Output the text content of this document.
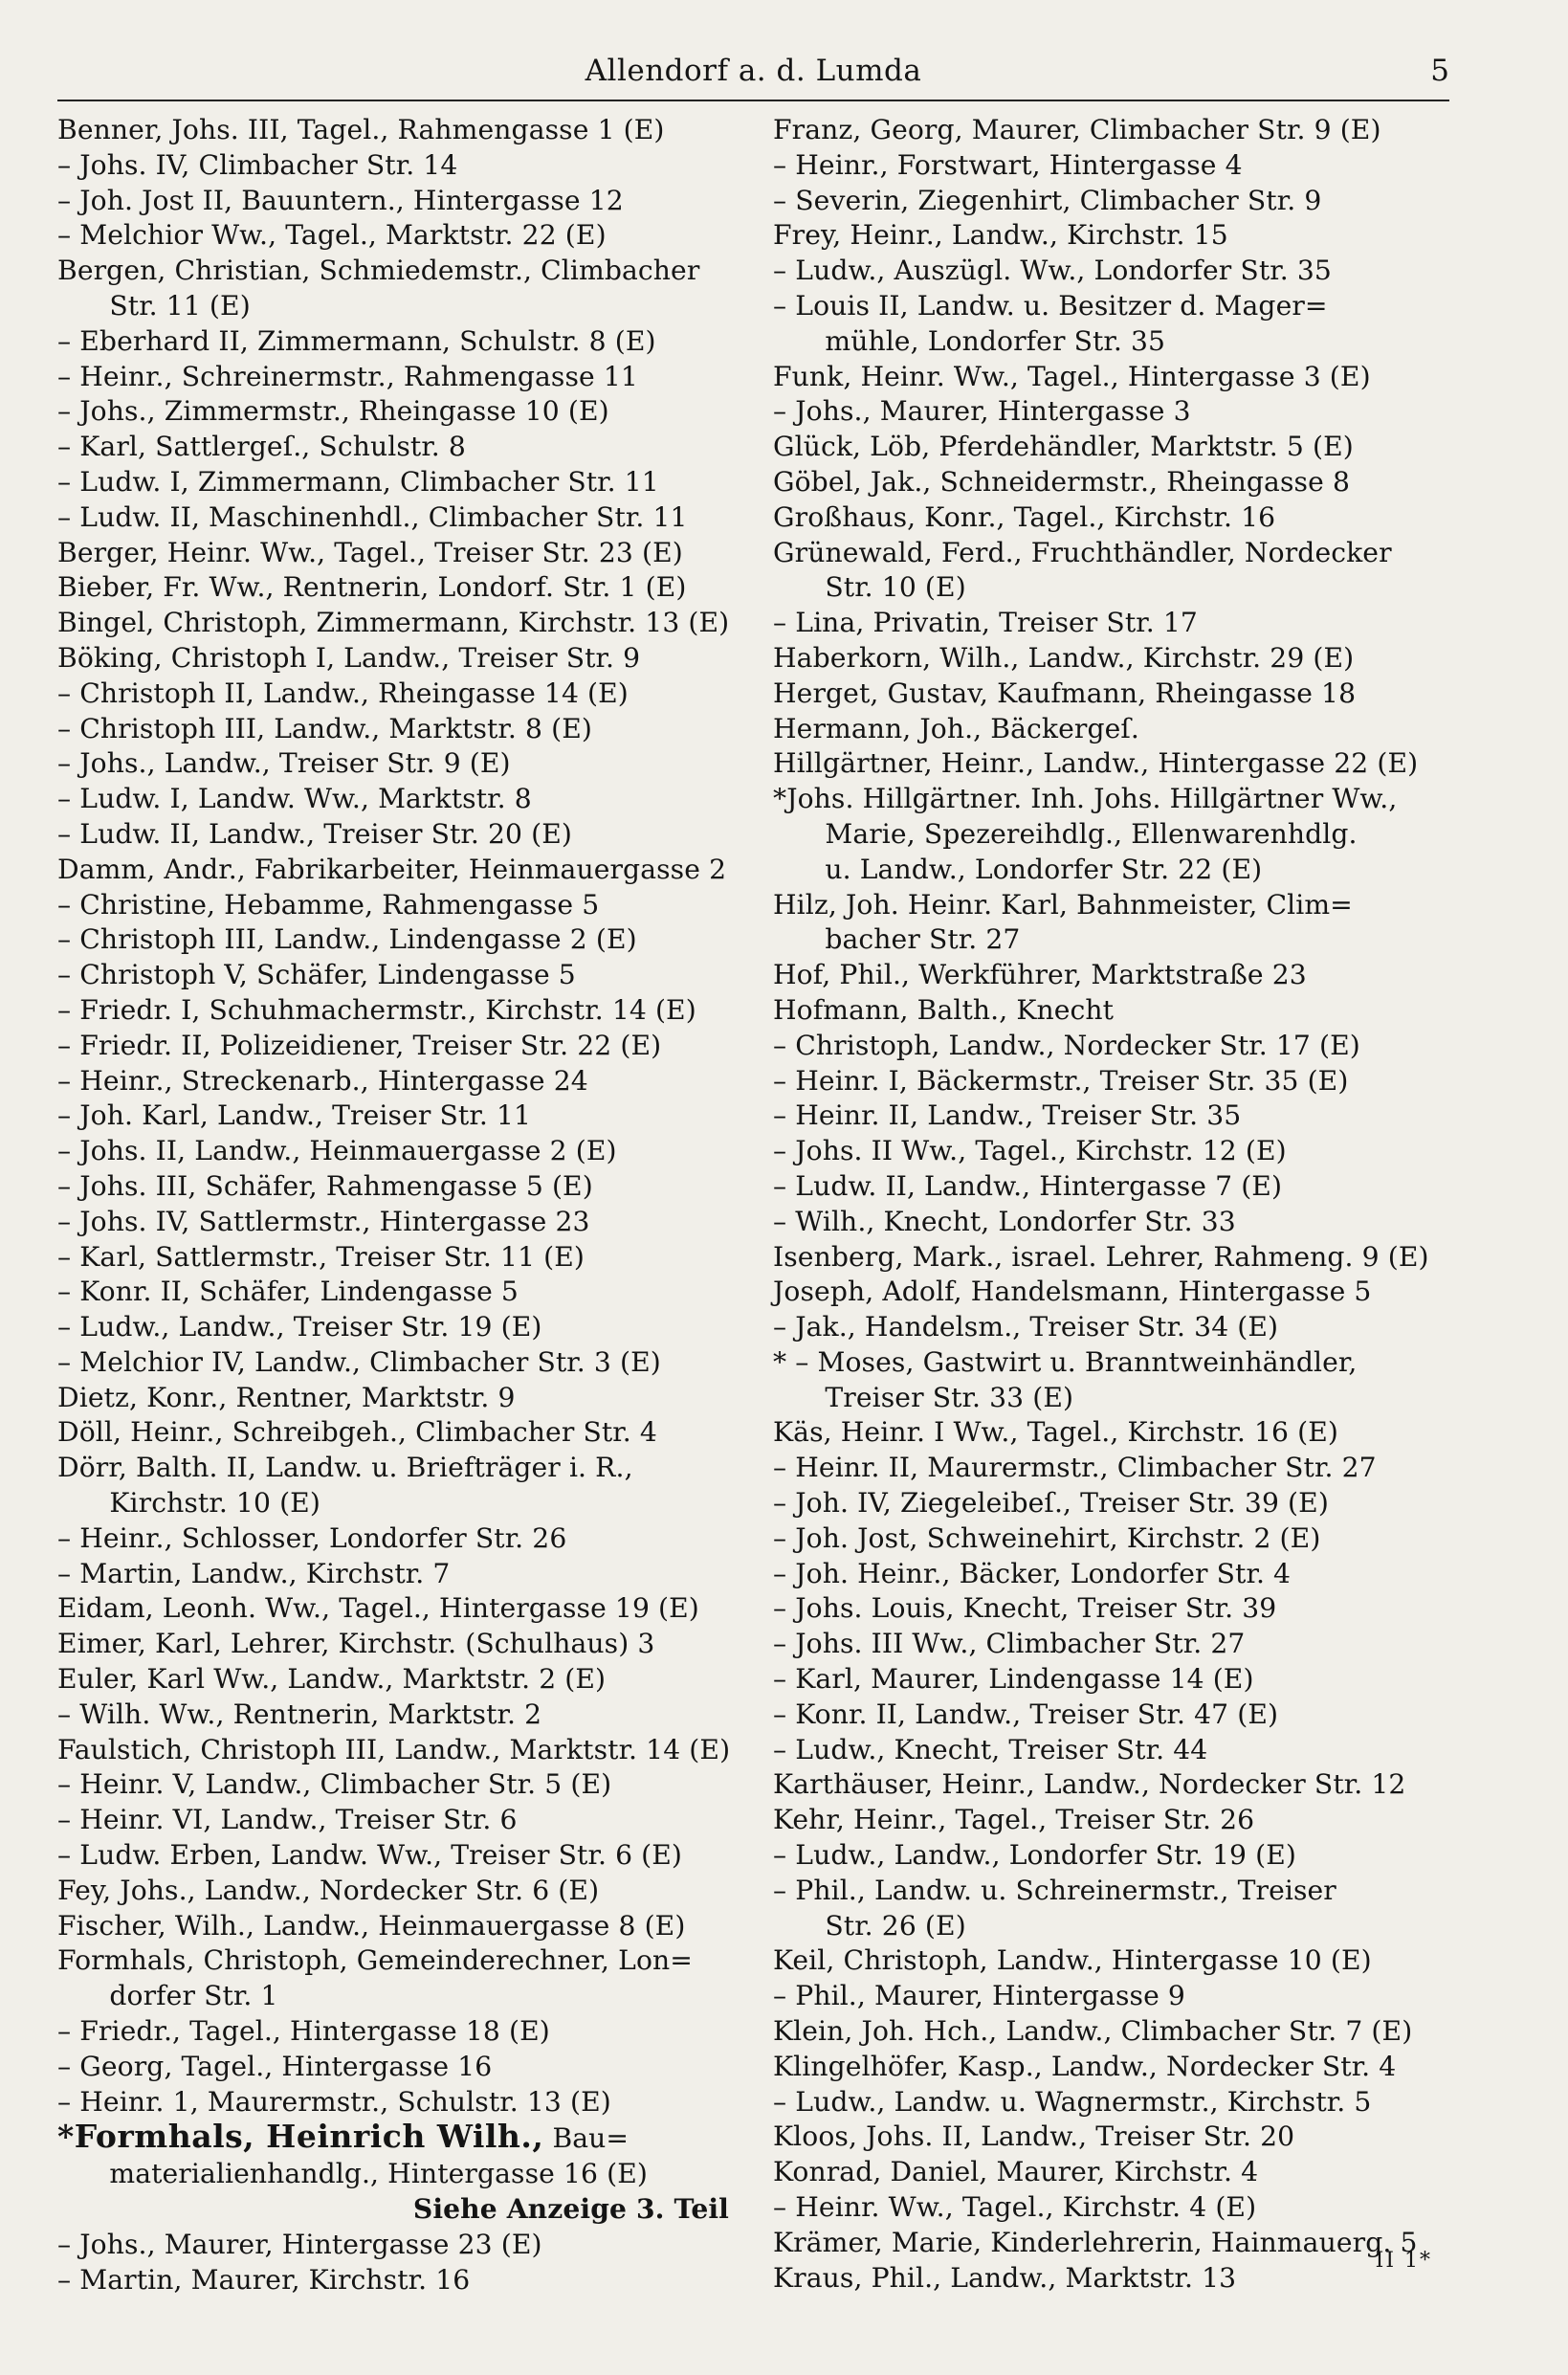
Allendorf a. d. Lumda	5
Benner, Johs. III, Tagel., Rahmengasse 1 (E)
– Johs. IV, Climbacher Str. 14
– Joh. Jost II, Bauuntern., Hintergasse 12
– Melchior Ww., Tagel., Marktstr. 22 (E)
Bergen, Christian, Schmiedemstr., Climbacher
Str. 11 (E)
– Eberhard II, Zimmermann, Schulstr. 8 (E)
– Heinr., Schreinermstr., Rahmengasse 11
– Johs., Zimmermstr., Rheingasse 10 (E)
– Karl, Sattlergeſ., Schulstr. 8
– Ludw. I, Zimmermann, Climbacher Str. 11
– Ludw. II, Maschinenhdl., Climbacher Str. 11
Berger, Heinr. Ww., Tagel., Treiser Str. 23 (E)
Bieber, Fr. Ww., Rentnerin, Londorf. Str. 1 (E)
Bingel, Christoph, Zimmermann, Kirchstr. 13 (E)
Böking, Christoph I, Landw., Treiser Str. 9
– Christoph II, Landw., Rheingasse 14 (E)
– Christoph III, Landw., Marktstr. 8 (E)
– Johs., Landw., Treiser Str. 9 (E)
– Ludw. I, Landw. Ww., Marktstr. 8
– Ludw. II, Landw., Treiser Str. 20 (E)
Damm, Andr., Fabrikarbeiter, Heinmauergasse 2
– Christine, Hebamme, Rahmengasse 5
– Christoph III, Landw., Lindengasse 2 (E)
– Christoph V, Schäfer, Lindengasse 5
– Friedr. I, Schuhmachermstr., Kirchstr. 14 (E)
– Friedr. II, Polizeidiener, Treiser Str. 22 (E)
– Heinr., Streckenarb., Hintergasse 24
– Joh. Karl, Landw., Treiser Str. 11
– Johs. II, Landw., Heinmauergasse 2 (E)
– Johs. III, Schäfer, Rahmengasse 5 (E)
– Johs. IV, Sattlermstr., Hintergasse 23
– Karl, Sattlermstr., Treiser Str. 11 (E)
– Konr. II, Schäfer, Lindengasse 5
– Ludw., Landw., Treiser Str. 19 (E)
– Melchior IV, Landw., Climbacher Str. 3 (E)
Dietz, Konr., Rentner, Marktstr. 9
Döll, Heinr., Schreibgeh., Climbacher Str. 4
Dörr, Balth. II, Landw. u. Briefträger i. R.,
Kirchstr. 10 (E)
– Heinr., Schlosser, Londorfer Str. 26
– Martin, Landw., Kirchstr. 7
Eidam, Leonh. Ww., Tagel., Hintergasse 19 (E)
Eimer, Karl, Lehrer, Kirchstr. (Schulhaus) 3
Euler, Karl Ww., Landw., Marktstr. 2 (E)
– Wilh. Ww., Rentnerin, Marktstr. 2
Faulstich, Christoph III, Landw., Marktstr. 14 (E)
– Heinr. V, Landw., Climbacher Str. 5 (E)
– Heinr. VI, Landw., Treiser Str. 6
– Ludw. Erben, Landw. Ww., Treiser Str. 6 (E)
Fey, Johs., Landw., Nordecker Str. 6 (E)
Fischer, Wilh., Landw., Heinmauergasse 8 (E)
Formhals, Christoph, Gemeinderechner, Lon=
dorfer Str. 1
– Friedr., Tagel., Hintergasse 18 (E)
– Georg, Tagel., Hintergasse 16
– Heinr. 1, Maurermstr., Schulstr. 13 (E)
*Formhals, Heinrich Wilh., Bau=
materialienhandlg., Hintergasse 16 (E)
Siehe Anzeige 3. Teil
– Johs., Maurer, Hintergasse 23 (E)
– Martin, Maurer, Kirchstr. 16
Franz, Georg, Maurer, Climbacher Str. 9 (E)
– Heinr., Forstwart, Hintergasse 4
– Severin, Ziegenhirt, Climbacher Str. 9
Frey, Heinr., Landw., Kirchstr. 15
– Ludw., Auszügl. Ww., Londorfer Str. 35
– Louis II, Landw. u. Besitzer d. Mager=
mühle, Londorfer Str. 35
Funk, Heinr. Ww., Tagel., Hintergasse 3 (E)
– Johs., Maurer, Hintergasse 3
Glück, Löb, Pferdehändler, Marktstr. 5 (E)
Göbel, Jak., Schneidermstr., Rheingasse 8
Großhaus, Konr., Tagel., Kirchstr. 16
Grünewald, Ferd., Fruchthändler, Nordecker
Str. 10 (E)
– Lina, Privatin, Treiser Str. 17
Haberkorn, Wilh., Landw., Kirchstr. 29 (E)
Herget, Gustav, Kaufmann, Rheingasse 18
Hermann, Joh., Bäckergeſ.
Hillgärtner, Heinr., Landw., Hintergasse 22 (E)
*Johs. Hillgärtner. Inh. Johs. Hillgärtner Ww.,
Marie, Spezereihdlg., Ellenwarenhdlg.
u. Landw., Londorfer Str. 22 (E)
Hilz, Joh. Heinr. Karl, Bahnmeister, Clim=
bacher Str. 27
Hof, Phil., Werkführer, Marktstraße 23
Hofmann, Balth., Knecht
– Christoph, Landw., Nordecker Str. 17 (E)
– Heinr. I, Bäckermstr., Treiser Str. 35 (E)
– Heinr. II, Landw., Treiser Str. 35
– Johs. II Ww., Tagel., Kirchstr. 12 (E)
– Ludw. II, Landw., Hintergasse 7 (E)
– Wilh., Knecht, Londorfer Str. 33
Isenberg, Mark., israel. Lehrer, Rahmeng. 9 (E)
Joseph, Adolf, Handelsmann, Hintergasse 5
– Jak., Handelsm., Treiser Str. 34 (E)
* – Moses, Gastwirt u. Branntweinhändler,
Treiser Str. 33 (E)
Käs, Heinr. I Ww., Tagel., Kirchstr. 16 (E)
– Heinr. II, Maurermstr., Climbacher Str. 27
– Joh. IV, Ziegeleibeſ., Treiser Str. 39 (E)
– Joh. Jost, Schweinehirt, Kirchstr. 2 (E)
– Joh. Heinr., Bäcker, Londorfer Str. 4
– Johs. Louis, Knecht, Treiser Str. 39
– Johs. III Ww., Climbacher Str. 27
– Karl, Maurer, Lindengasse 14 (E)
– Konr. II, Landw., Treiser Str. 47 (E)
– Ludw., Knecht, Treiser Str. 44
Karthäuser, Heinr., Landw., Nordecker Str. 12
Kehr, Heinr., Tagel., Treiser Str. 26
– Ludw., Landw., Londorfer Str. 19 (E)
– Phil., Landw. u. Schreinermstr., Treiser
Str. 26 (E)
Keil, Christoph, Landw., Hintergasse 10 (E)
– Phil., Maurer, Hintergasse 9
Klein, Joh. Hch., Landw., Climbacher Str. 7 (E)
Klingelhöfer, Kasp., Landw., Nordecker Str. 4
– Ludw., Landw. u. Wagnermstr., Kirchstr. 5
Kloos, Johs. II, Landw., Treiser Str. 20
Konrad, Daniel, Maurer, Kirchstr. 4
– Heinr. Ww., Tagel., Kirchstr. 4 (E)
Krämer, Marie, Kinderlehrerin, Hainmauerg. 5
Kraus, Phil., Landw., Marktstr. 13
II 1*
